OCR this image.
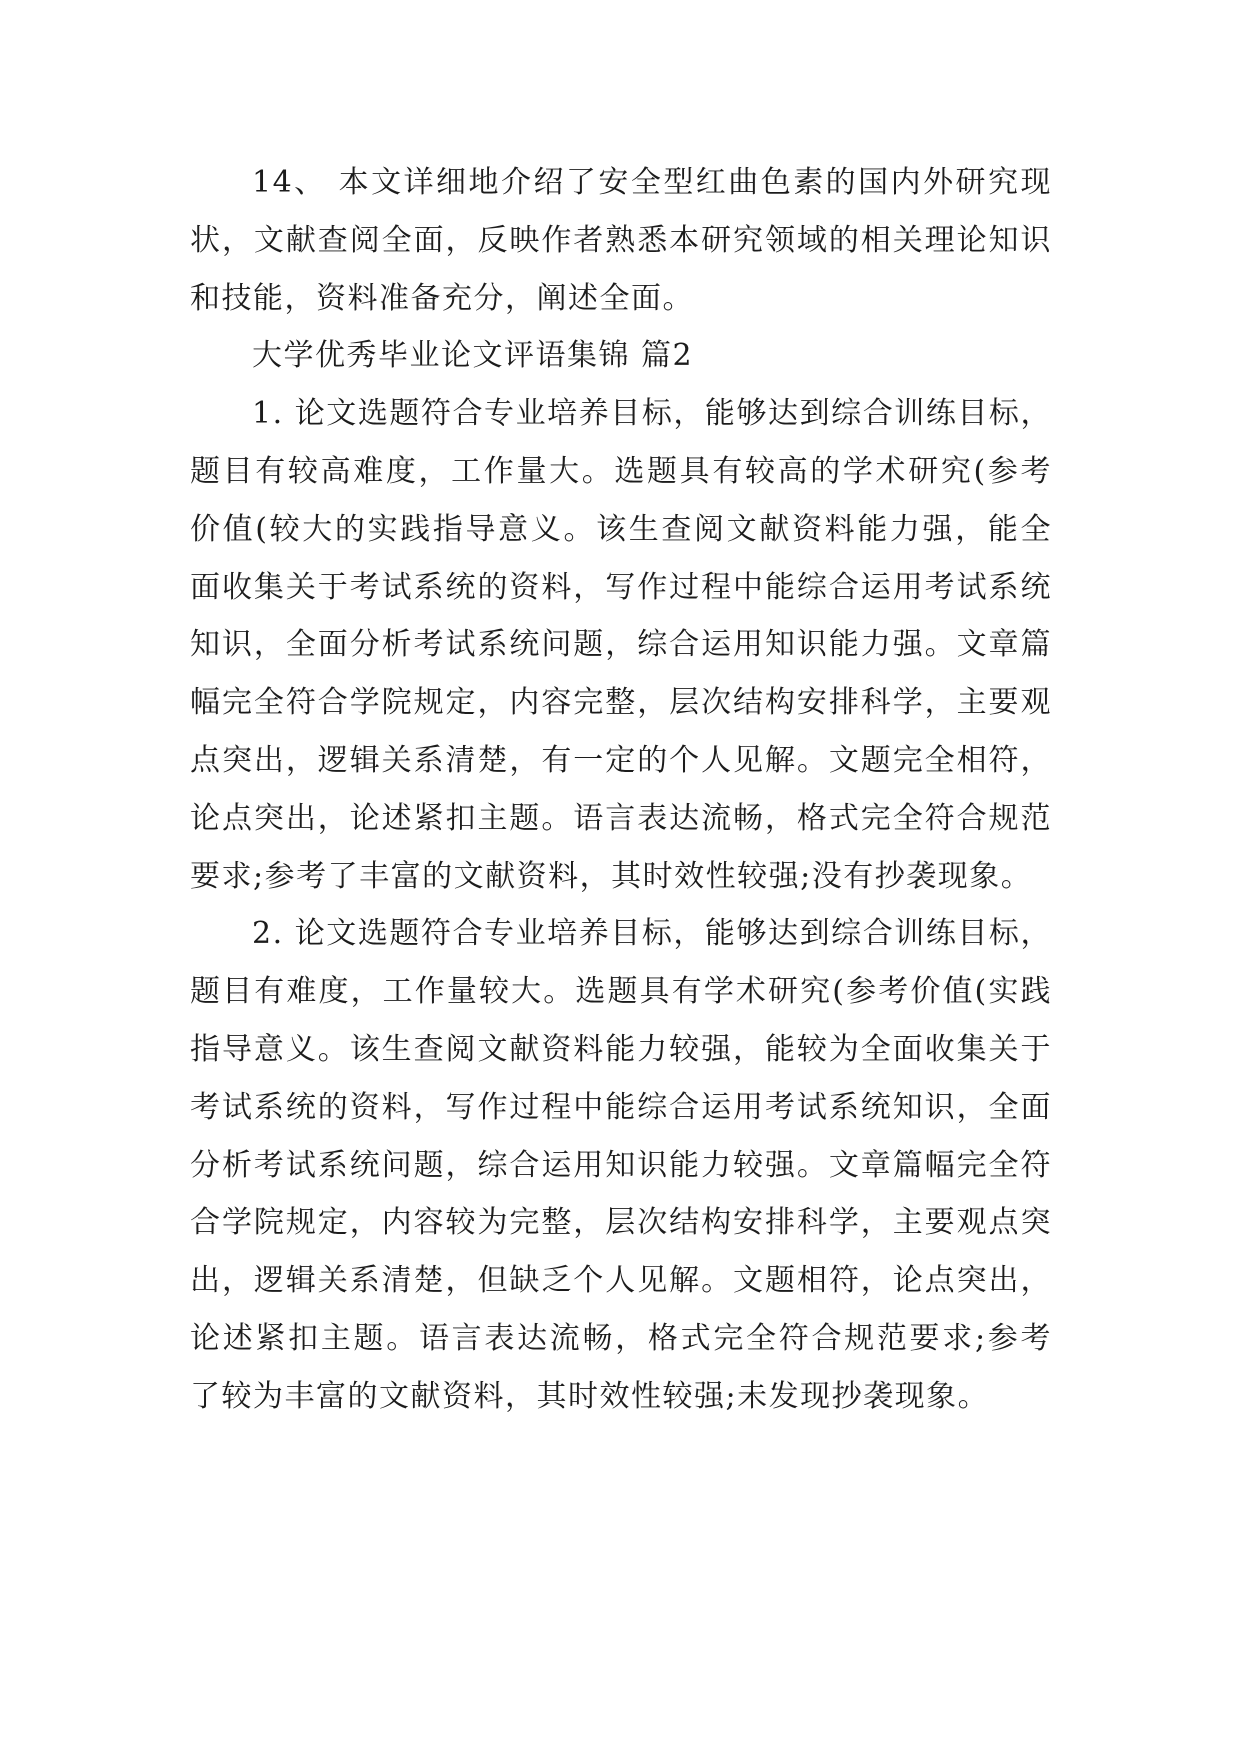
14、 本文详细地介绍了安全型红曲色素的国内外研究现状，文献查阅全面，反映作者熟悉本研究领域的相关理论知识和技能，资料准备充分，阐述全面。

大学优秀毕业论文评语集锦 篇2

1. 论文选题符合专业培养目标，能够达到综合训练目标，题目有较高难度，工作量大。选题具有较高的学术研究(参考价值(较大的实践指导意义。该生查阅文献资料能力强，能全面收集关于考试系统的资料，写作过程中能综合运用考试系统知识，全面分析考试系统问题，综合运用知识能力强。文章篇幅完全符合学院规定，内容完整，层次结构安排科学，主要观点突出，逻辑关系清楚，有一定的个人见解。文题完全相符，论点突出，论述紧扣主题。语言表达流畅，格式完全符合规范要求;参考了丰富的文献资料，其时效性较强;没有抄袭现象。

2. 论文选题符合专业培养目标，能够达到综合训练目标，题目有难度，工作量较大。选题具有学术研究(参考价值(实践指导意义。该生查阅文献资料能力较强，能较为全面收集关于考试系统的资料，写作过程中能综合运用考试系统知识，全面分析考试系统问题，综合运用知识能力较强。文章篇幅完全符合学院规定，内容较为完整，层次结构安排科学，主要观点突出，逻辑关系清楚，但缺乏个人见解。文题相符，论点突出，论述紧扣主题。语言表达流畅，格式完全符合规范要求;参考了较为丰富的文献资料，其时效性较强;未发现抄袭现象。
